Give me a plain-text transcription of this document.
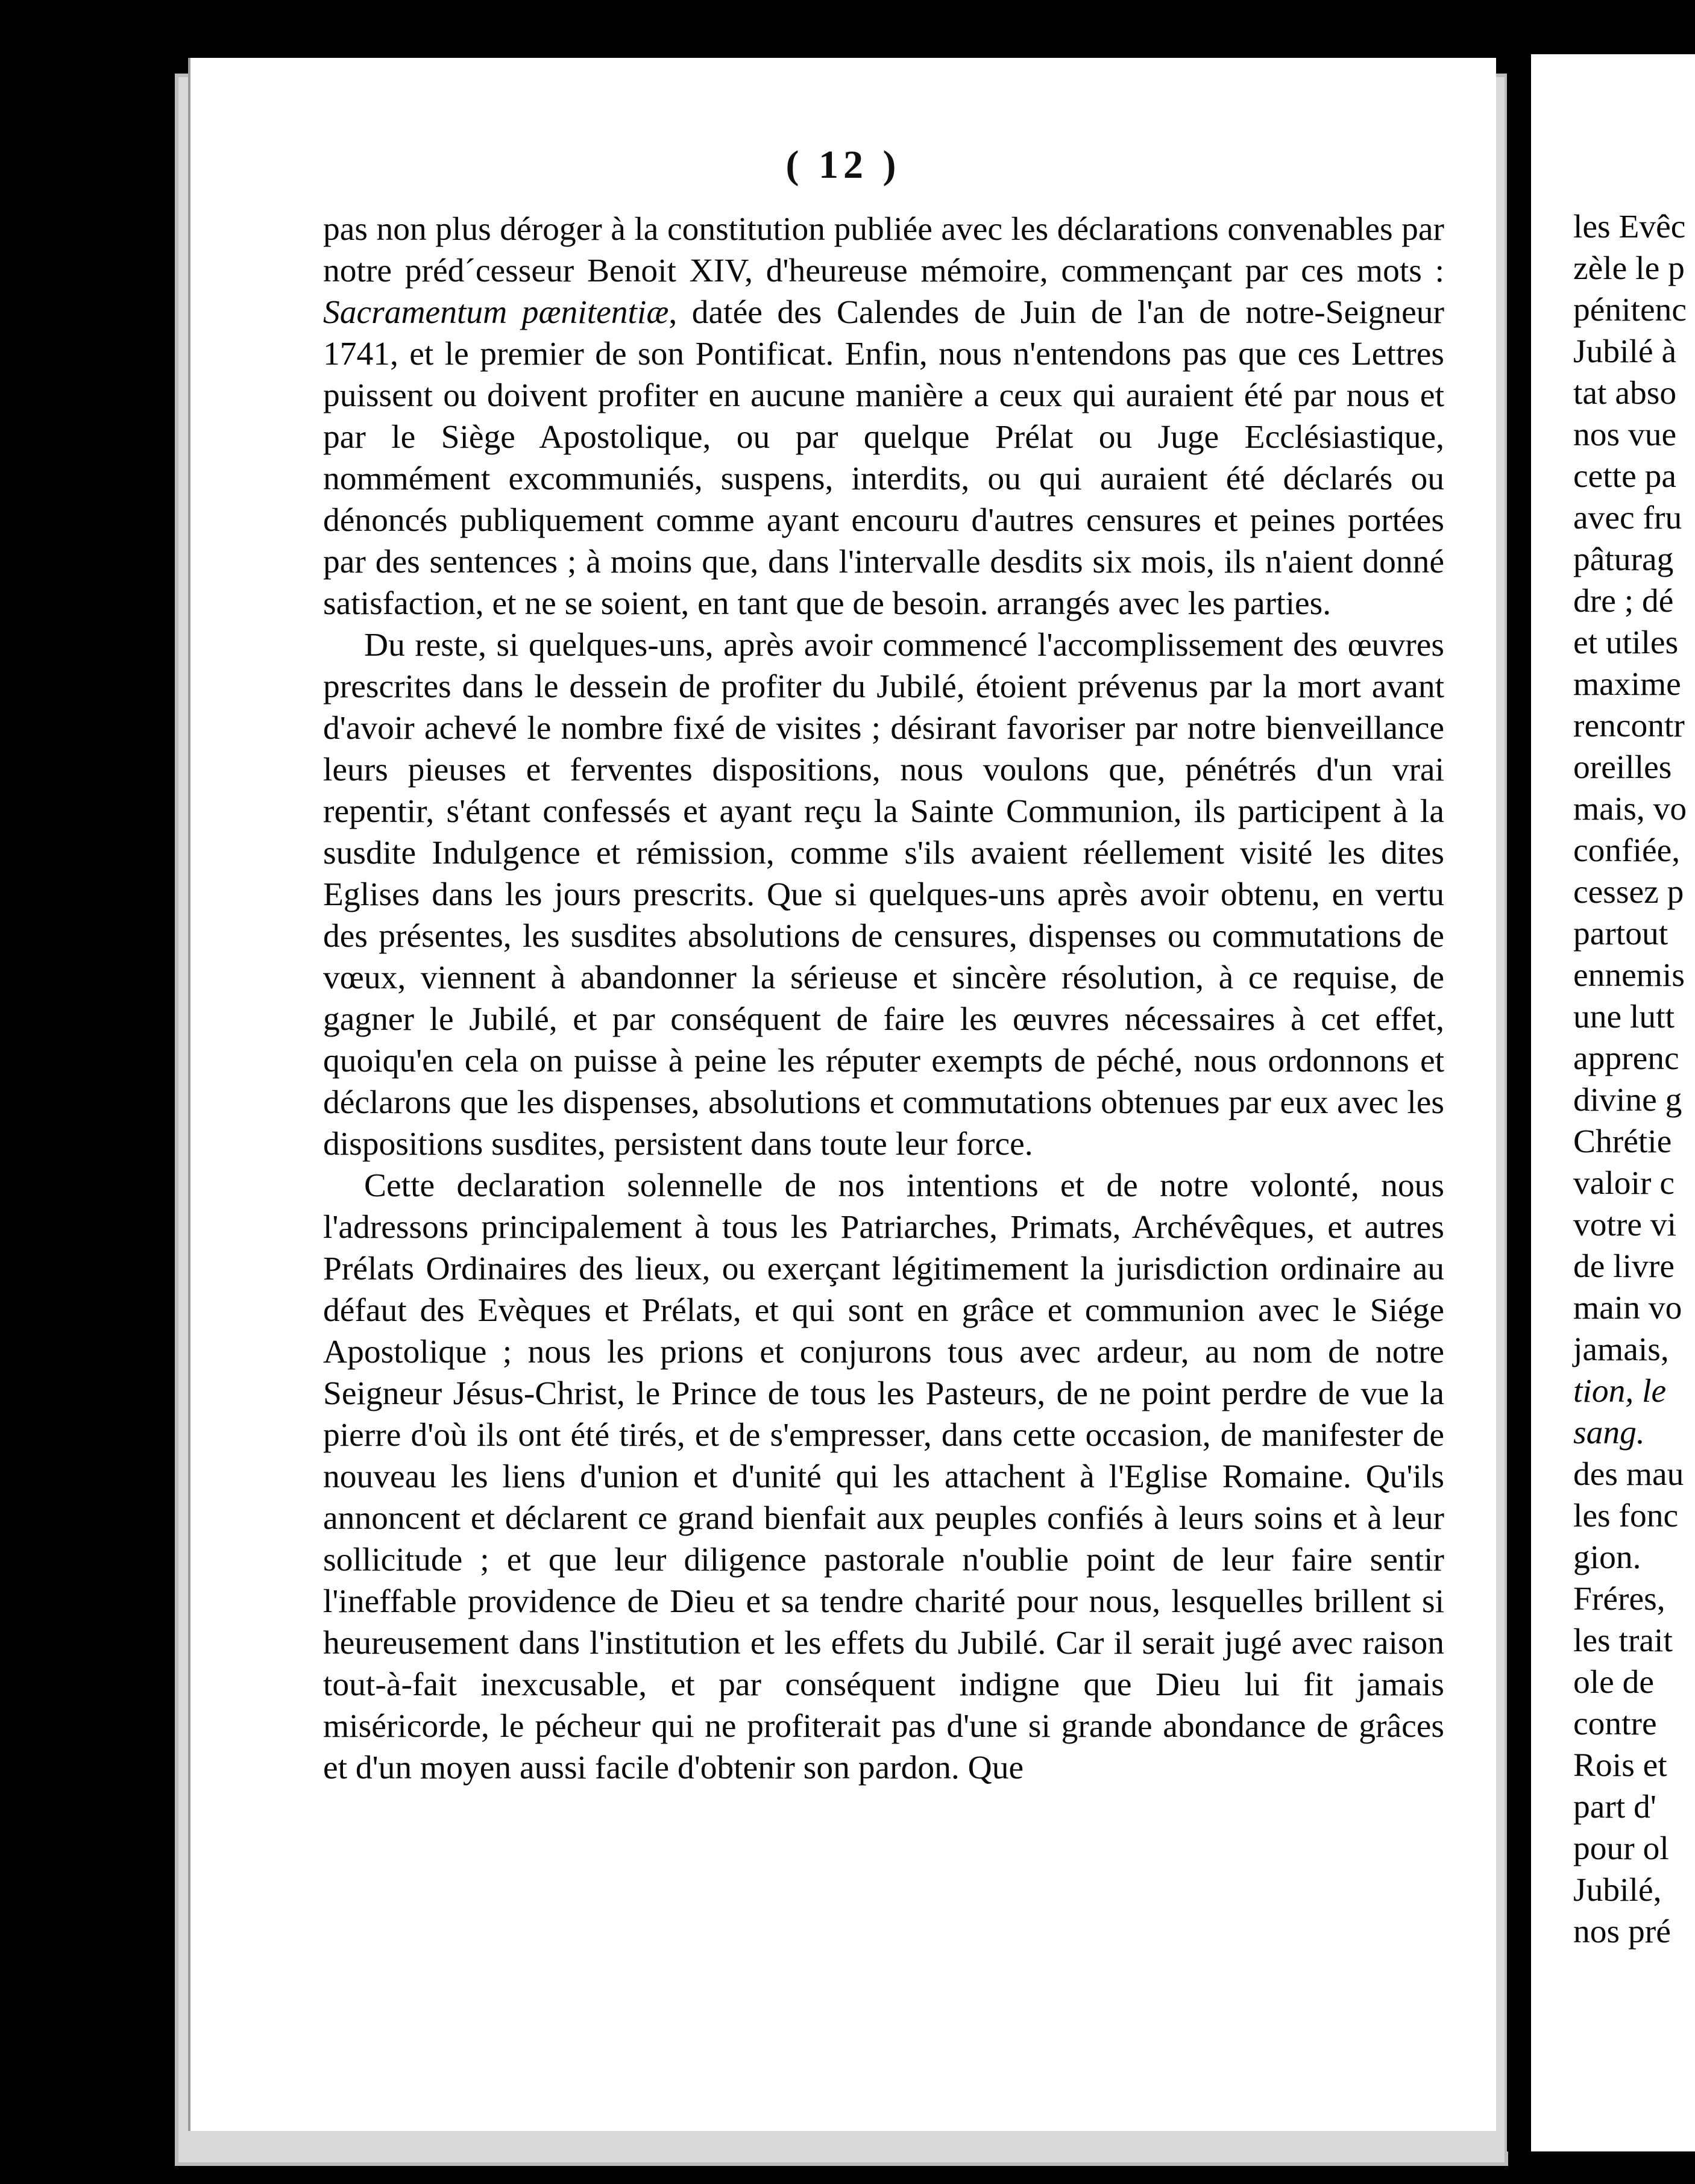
( 12 )

pas non plus déroger à la constitution publiée avec les déclarations convenables par notre préd´cesseur Benoit XIV, d'heureuse mémoire, commençant par ces mots : Sacramentum pænitentiæ, datée des Calendes de Juin de l'an de notre-Seigneur 1741, et le premier de son Pontificat. Enfin, nous n'entendons pas que ces Lettres puissent ou doivent profiter en aucune manière a ceux qui auraient été par nous et par le Siège Apostolique, ou par quelque Prélat ou Juge Ecclésiastique, nommément excommuniés, suspens, interdits, ou qui auraient été déclarés ou dénoncés publiquement comme ayant encouru d'autres censures et peines portées par des sentences ; à moins que, dans l'intervalle desdits six mois, ils n'aient donné satisfaction, et ne se soient, en tant que de besoin. arrangés avec les parties.

Du reste, si quelques-uns, après avoir commencé l'accomplissement des œuvres prescrites dans le dessein de profiter du Jubilé, étoient prévenus par la mort avant d'avoir achevé le nombre fixé de visites ; désirant favoriser par notre bienveillance leurs pieuses et ferventes dispositions, nous voulons que, pénétrés d'un vrai repentir, s'étant confessés et ayant reçu la Sainte Communion, ils participent à la susdite Indulgence et rémission, comme s'ils avaient réellement visité les dites Eglises dans les jours prescrits. Que si quelques-uns après avoir obtenu, en vertu des présentes, les susdites absolutions de censures, dispenses ou commutations de vœux, viennent à abandonner la sérieuse et sincère résolution, à ce requise, de gagner le Jubilé, et par conséquent de faire les œuvres nécessaires à cet effet, quoiqu'en cela on puisse à peine les réputer exempts de péché, nous ordonnons et déclarons que les dispenses, absolutions et commutations obtenues par eux avec les dispositions susdites, persistent dans toute leur force.

Cette declaration solennelle de nos intentions et de notre volonté, nous l'adressons principalement à tous les Patriarches, Primats, Archévêques, et autres Prélats Ordinaires des lieux, ou exerçant légitimement la jurisdiction ordinaire au défaut des Evèques et Prélats, et qui sont en grâce et communion avec le Siége Apostolique ; nous les prions et conjurons tous avec ardeur, au nom de notre Seigneur Jésus-Christ, le Prince de tous les Pasteurs, de ne point perdre de vue la pierre d'où ils ont été tirés, et de s'empresser, dans cette occasion, de manifester de nouveau les liens d'union et d'unité qui les attachent à l'Eglise Romaine. Qu'ils annoncent et déclarent ce grand bienfait aux peuples confiés à leurs soins et à leur sollicitude ; et que leur diligence pastorale n'oublie point de leur faire sentir l'ineffable providence de Dieu et sa tendre charité pour nous, lesquelles brillent si heureusement dans l'institution et les effets du Jubilé. Car il serait jugé avec raison tout-à-fait inexcusable, et par conséquent indigne que Dieu lui fit jamais miséricorde, le pécheur qui ne profiterait pas d'une si grande abondance de grâces et d'un moyen aussi facile d'obtenir son pardon. Que

les Evêc
zèle le p
pénitenc
Jubilé à
tat abso
nos vue
cette pa
avec fru
pâturag
dre ; dé
et utiles
maxime
rencontr
oreilles
mais, vo
confiée,
cessez p
partout
ennemis
une lutt
apprenc
divine g
Chrétie
valoir c
votre vi
de livre
main vo
jamais,
tion, le
sang.
des mau
les fonc
gion.
Fréres,
les trait
ole de
contre
Rois et
part d'
pour ol
Jubilé,
nos pré
